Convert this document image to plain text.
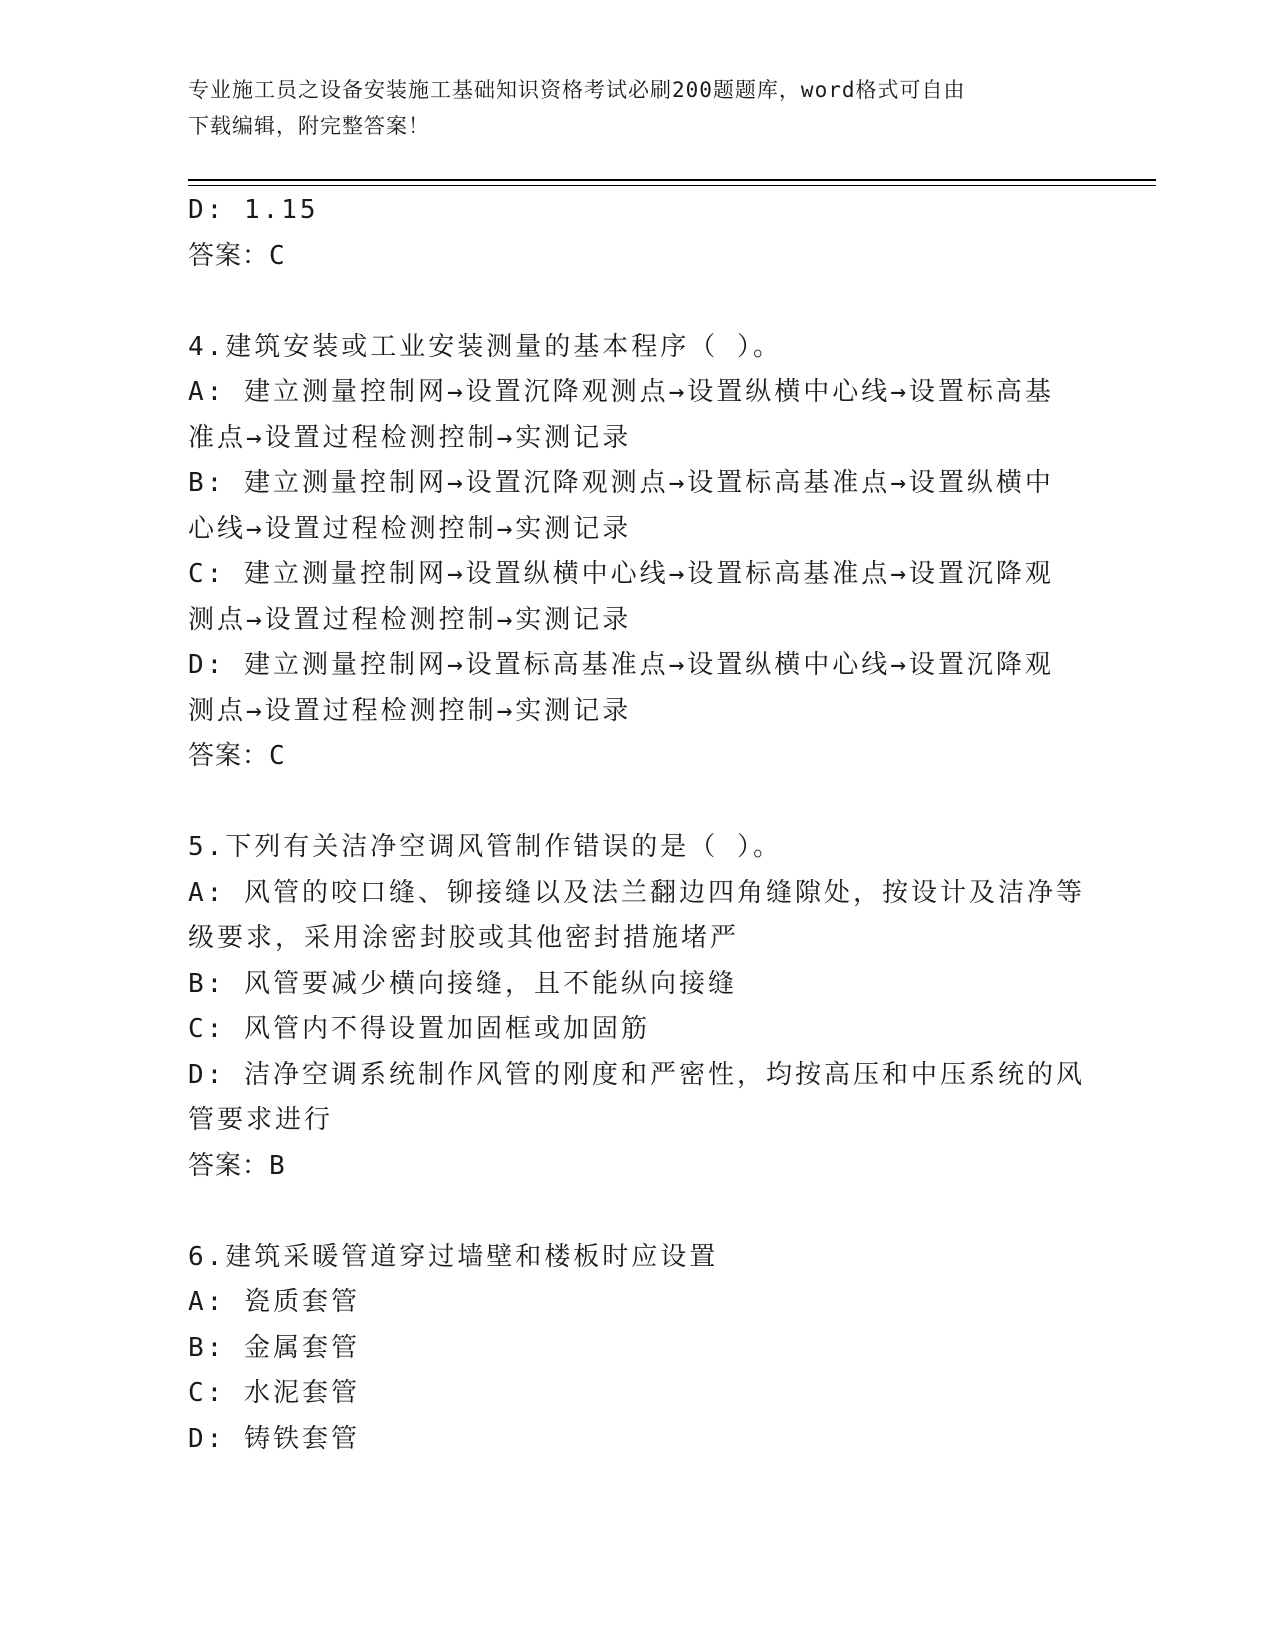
专业施工员之设备安装施工基础知识资格考试必刷200题题库，word格式可自由
下载编辑，附完整答案！
D: 1.15
答案：C
4.建筑安装或工业安装测量的基本程序（ ）。
A: 建立测量控制网→设置沉降观测点→设置纵横中心线→设置标高基
准点→设置过程检测控制→实测记录
B: 建立测量控制网→设置沉降观测点→设置标高基准点→设置纵横中
心线→设置过程检测控制→实测记录
C: 建立测量控制网→设置纵横中心线→设置标高基准点→设置沉降观
测点→设置过程检测控制→实测记录
D: 建立测量控制网→设置标高基准点→设置纵横中心线→设置沉降观
测点→设置过程检测控制→实测记录
答案：C
5.下列有关洁净空调风管制作错误的是（ ）。
A: 风管的咬口缝、铆接缝以及法兰翻边四角缝隙处，按设计及洁净等
级要求，采用涂密封胶或其他密封措施堵严
B: 风管要减少横向接缝，且不能纵向接缝
C: 风管内不得设置加固框或加固筋
D: 洁净空调系统制作风管的刚度和严密性，均按高压和中压系统的风
管要求进行
答案：B
6.建筑采暖管道穿过墙壁和楼板时应设置
A: 瓷质套管
B: 金属套管
C: 水泥套管
D: 铸铁套管
